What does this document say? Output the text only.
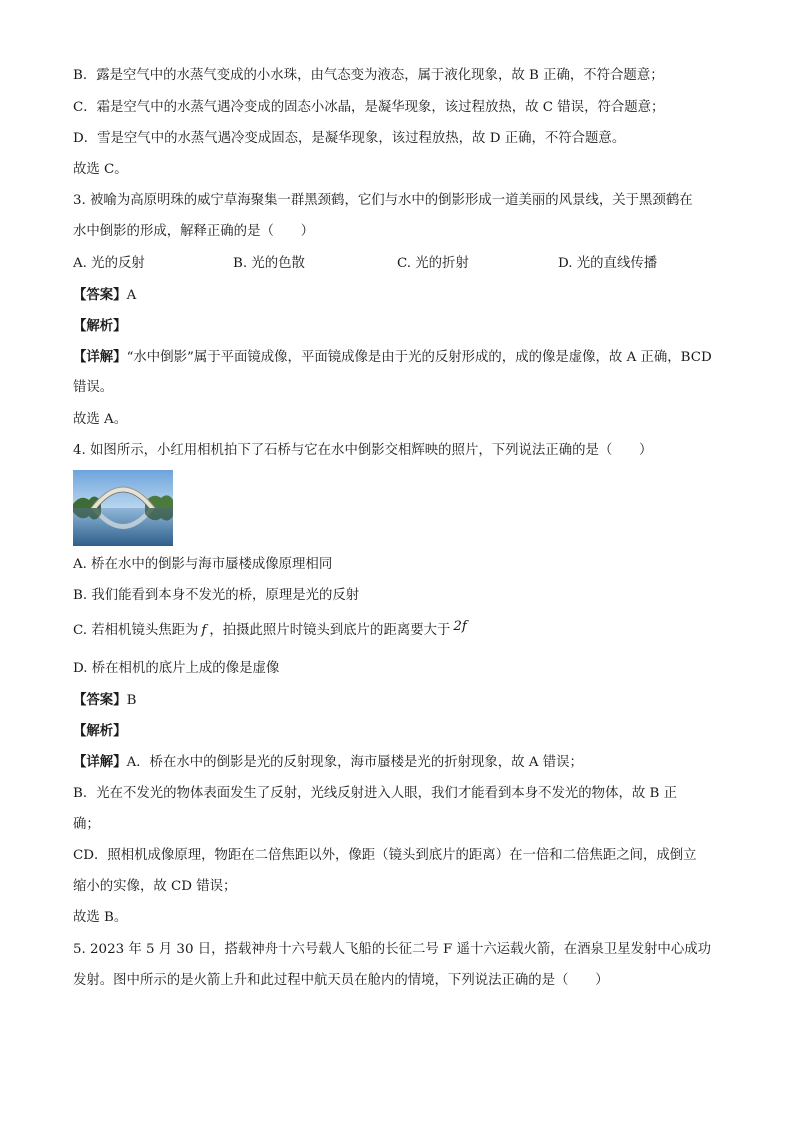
B．露是空气中的水蒸气变成的小水珠，由气态变为液态，属于液化现象，故 B 正确，不符合题意；
C．霜是空气中的水蒸气遇冷变成的固态小冰晶，是凝华现象，该过程放热，故 C 错误，符合题意；
D．雪是空气中的水蒸气遇冷变成固态，是凝华现象，该过程放热，故 D 正确，不符合题意。
故选 C。
3. 被喻为高原明珠的威宁草海聚集一群黑颈鹤，它们与水中的倒影形成一道美丽的风景线，关于黑颈鹤在
水中倒影的形成，解释正确的是（　　）
A. 光的反射	B. 光的色散	C. 光的折射	D. 光的直线传播
【答案】A
【解析】
【详解】“水中倒影”属于平面镜成像，平面镜成像是由于光的反射形成的，成的像是虚像，故 A 正确，BCD
错误。
故选 A。
4. 如图所示，小红用相机拍下了石桥与它在水中倒影交相辉映的照片，下列说法正确的是（　　）
A. 桥在水中的倒影与海市蜃楼成像原理相同
B. 我们能看到本身不发光的桥，原理是光的反射
C. 若相机镜头焦距为 f ，拍摄此照片时镜头到底片的距离要大于 2f
D. 桥在相机的底片上成的像是虚像
【答案】B
【解析】
【详解】A．桥在水中的倒影是光的反射现象，海市蜃楼是光的折射现象，故 A 错误；
B．光在不发光的物体表面发生了反射，光线反射进入人眼，我们才能看到本身不发光的物体，故 B 正
确；
CD．照相机成像原理，物距在二倍焦距以外，像距（镜头到底片的距离）在一倍和二倍焦距之间，成倒立
缩小的实像，故 CD 错误；
故选 B。
5. 2023 年 5 月 30 日，搭载神舟十六号载人飞船的长征二号 F 遥十六运载火箭，在酒泉卫星发射中心成功
发射。图中所示的是火箭上升和此过程中航天员在舱内的情境，下列说法正确的是（　　）
